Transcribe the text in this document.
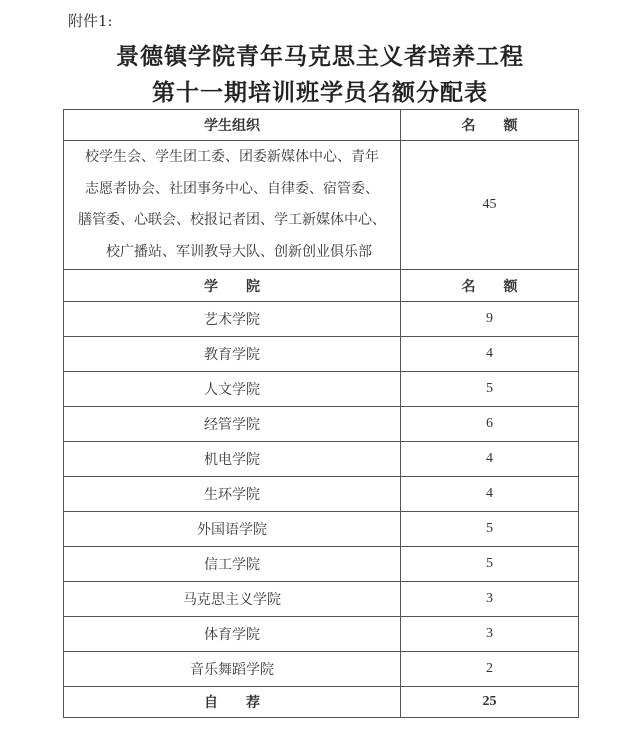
附件1:
景德镇学院青年马克思主义者培养工程
第十一期培训班学员名额分配表
学生组织	名　　额

校学生会、学生团工委、团委新媒体中心、青年
志愿者协会、社团事务中心、自律委、宿管委、
膳管委、心联会、校报记者团、学工新媒体中心、
校广播站、军训教导大队、创新创业俱乐部	45
学　　院	名　　额
艺术学院	9
教育学院	4
人文学院	5
经管学院	6
机电学院	4
生环学院	4
外国语学院	5
信工学院	5
马克思主义学院	3
体育学院	3
音乐舞蹈学院	2
自　　荐	25
